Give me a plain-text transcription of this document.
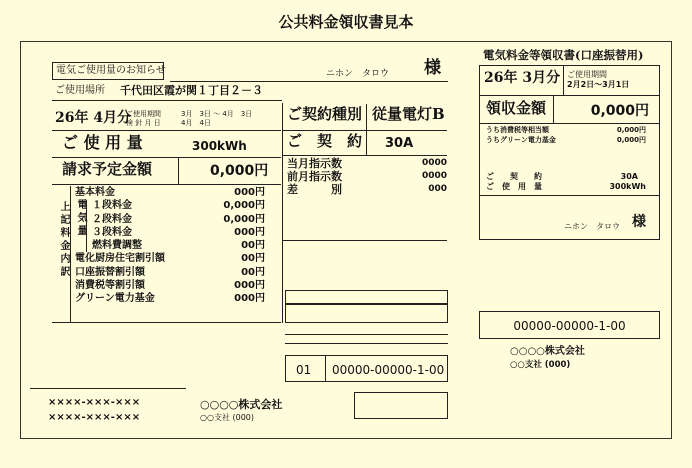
公共料金領収書見本
電気ご使用量のお知らせ	ニホン　タロウ 様
ご使用場所 千代田区霞が関１丁目２－３
26年 4月分
ご使用期間
検 針 月 日
3月　3日 ～ 4月　3日
4月　4日
ご 使 用 量	300kWh
請求予定金額	0,000円
上記料金内訳 電気量
基本料金	000円
１段料金	0,000円
２段料金	0,000円
３段料金	000円
燃料費調整	00円
電化厨房住宅割引額	00円
口座振替割引額	00円
消費税等割引額	000円
グリーン電力基金	000円
ご契約種別 従量電灯B
ご　契　約 30A
当月指示数	0000
前月指示数	0000
差　　　別	000
01 00000-00000-1-00
××××-×××-×××
××××-×××-×××
○○○○株式会社
○○支社 (000)
電気料金等領収書(口座振替用)
26年 3月分 ご使用期間
2月2日～3月1日
領収金額	0,000円
うち消費税等相当額	0,000円
うちグリーン電力基金	0,000円
ご　　契　　約	30A
ご　使　用　量	300kWh
ニホン　タロウ 様
00000-00000-1-00
○○○○株式会社
○○支社 (000)
